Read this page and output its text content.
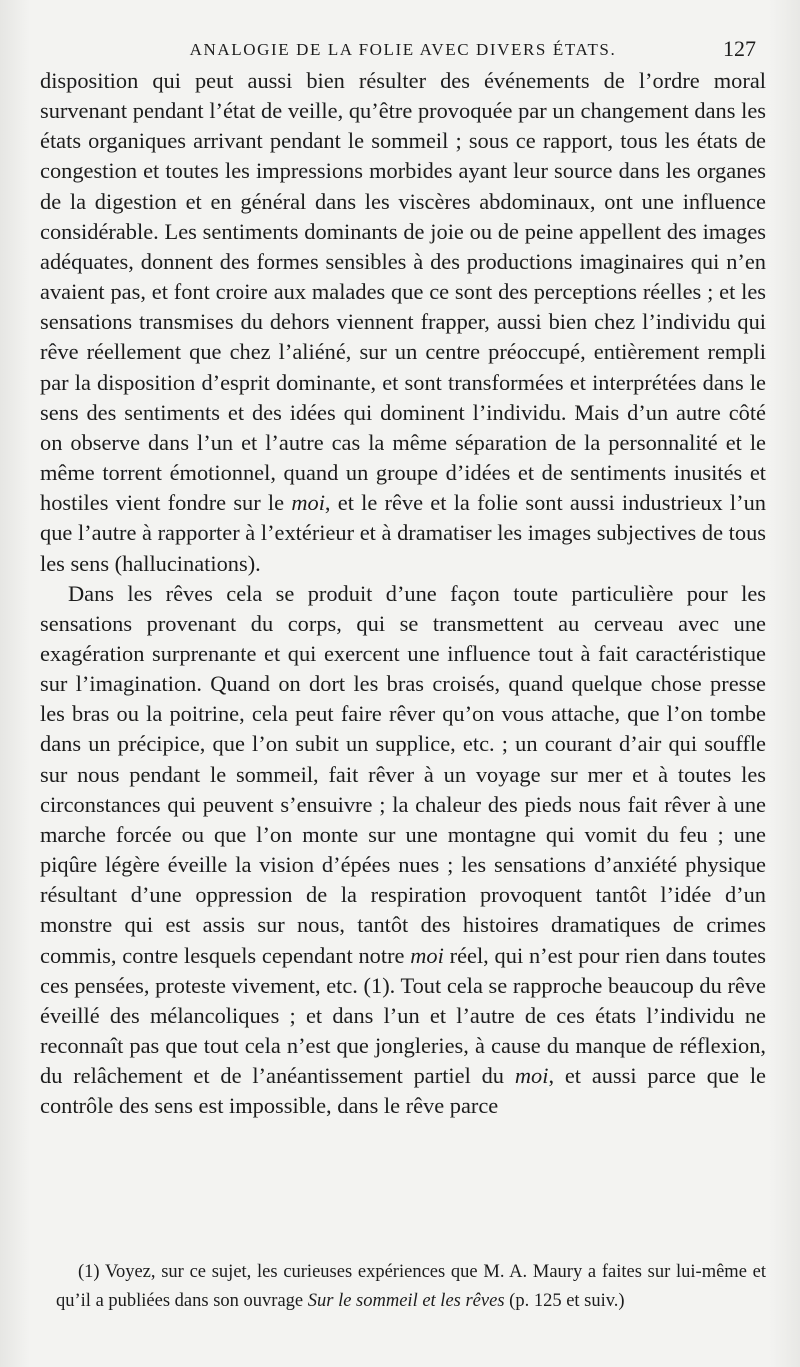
ANALOGIE DE LA FOLIE AVEC DIVERS ÉTATS.	127

disposition qui peut aussi bien résulter des événements de l’ordre moral survenant pendant l’état de veille, qu’être provoquée par un changement dans les états organiques arrivant pendant le sommeil ; sous ce rapport, tous les états de congestion et toutes les impressions morbides ayant leur source dans les organes de la digestion et en général dans les viscères abdominaux, ont une influence considérable. Les sentiments dominants de joie ou de peine appellent des images adéquates, donnent des formes sensibles à des productions imaginaires qui n’en avaient pas, et font croire aux malades que ce sont des perceptions réelles ; et les sensations transmises du dehors viennent frapper, aussi bien chez l’individu qui rêve réellement que chez l’aliéné, sur un centre préoccupé, entièrement rempli par la disposition d’esprit dominante, et sont transformées et interprétées dans le sens des sentiments et des idées qui dominent l’individu. Mais d’un autre côté on observe dans l’un et l’autre cas la même séparation de la personnalité et le même torrent émotionnel, quand un groupe d’idées et de sentiments inusités et hostiles vient fondre sur le moi, et le rêve et la folie sont aussi industrieux l’un que l’autre à rapporter à l’extérieur et à dramatiser les images subjectives de tous les sens (hallucinations).

Dans les rêves cela se produit d’une façon toute particulière pour les sensations provenant du corps, qui se transmettent au cerveau avec une exagération surprenante et qui exercent une influence tout à fait caractéristique sur l’imagination. Quand on dort les bras croisés, quand quelque chose presse les bras ou la poitrine, cela peut faire rêver qu’on vous attache, que l’on tombe dans un précipice, que l’on subit un supplice, etc. ; un courant d’air qui souffle sur nous pendant le sommeil, fait rêver à un voyage sur mer et à toutes les circonstances qui peuvent s’ensuivre ; la chaleur des pieds nous fait rêver à une marche forcée ou que l’on monte sur une montagne qui vomit du feu ; une piqûre légère éveille la vision d’épées nues ; les sensations d’anxiété physique résultant d’une oppression de la respiration provoquent tantôt l’idée d’un monstre qui est assis sur nous, tantôt des histoires dramatiques de crimes commis, contre lesquels cependant notre moi réel, qui n’est pour rien dans toutes ces pensées, proteste vivement, etc. (1). Tout cela se rapproche beaucoup du rêve éveillé des mélancoliques ; et dans l’un et l’autre de ces états l’individu ne reconnaît pas que tout cela n’est que jongleries, à cause du manque de réflexion, du relâchement et de l’anéantissement partiel du moi, et aussi parce que le contrôle des sens est impossible, dans le rêve parce

(1) Voyez, sur ce sujet, les curieuses expériences que M. A. Maury a faites sur lui-même et qu’il a publiées dans son ouvrage Sur le sommeil et les rêves (p. 125 et suiv.)
